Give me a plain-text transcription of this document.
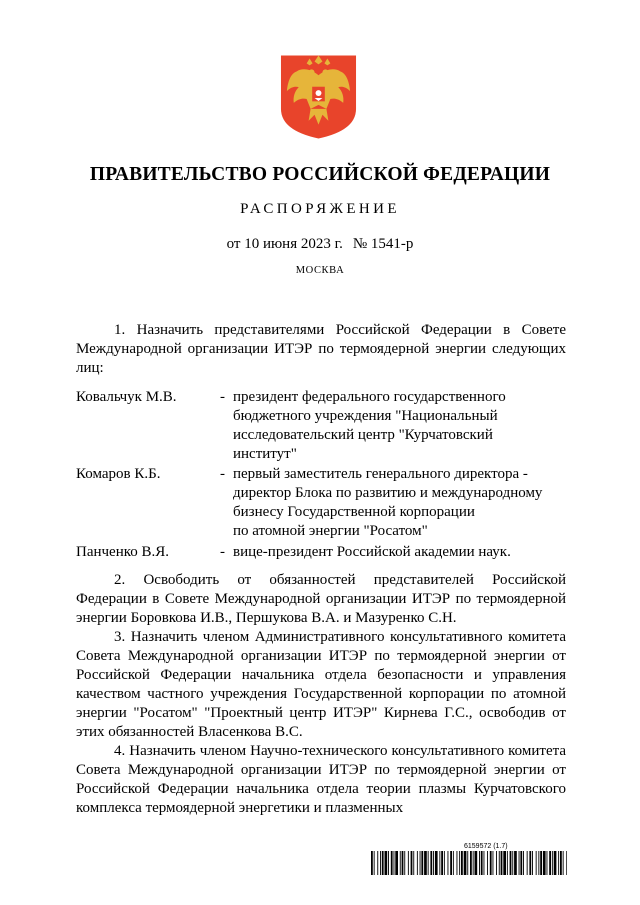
ПРАВИТЕЛЬСТВО РОССИЙСКОЙ ФЕДЕРАЦИИ
РАСПОРЯЖЕНИЕ
от 10 июня 2023 г. № 1541-р
МОСКВА

1. Назначить представителями Российской Федерации в Совете Международной организации ИТЭР по термоядерной энергии следующих лиц:

Ковальчук М.В.	- президент федерального государственного
бюджетного учреждения "Национальный
исследовательский центр "Курчатовский
институт"
Комаров К.Б.	- первый заместитель генерального директора -
директор Блока по развитию и международному
бизнесу Государственной корпорации
по атомной энергии "Росатом"
Панченко В.Я.	- вице-президент Российской академии наук.

2. Освободить от обязанностей представителей Российской Федерации в Совете Международной организации ИТЭР по термоядерной энергии Боровкова И.В., Першукова В.А. и Мазуренко С.Н.

3. Назначить членом Административного консультативного комитета Совета Международной организации ИТЭР по термоядерной энергии от Российской Федерации начальника отдела безопасности и управления качеством частного учреждения Государственной корпорации по атомной энергии "Росатом" "Проектный центр ИТЭР" Кирнева Г.С., освободив от этих обязанностей Власенкова В.С.

4. Назначить членом Научно-технического консультативного комитета Совета Международной организации ИТЭР по термоядерной энергии от Российской Федерации начальника отдела теории плазмы Курчатовского комплекса термоядерной энергетики и плазменных

6159572 (1.7)
